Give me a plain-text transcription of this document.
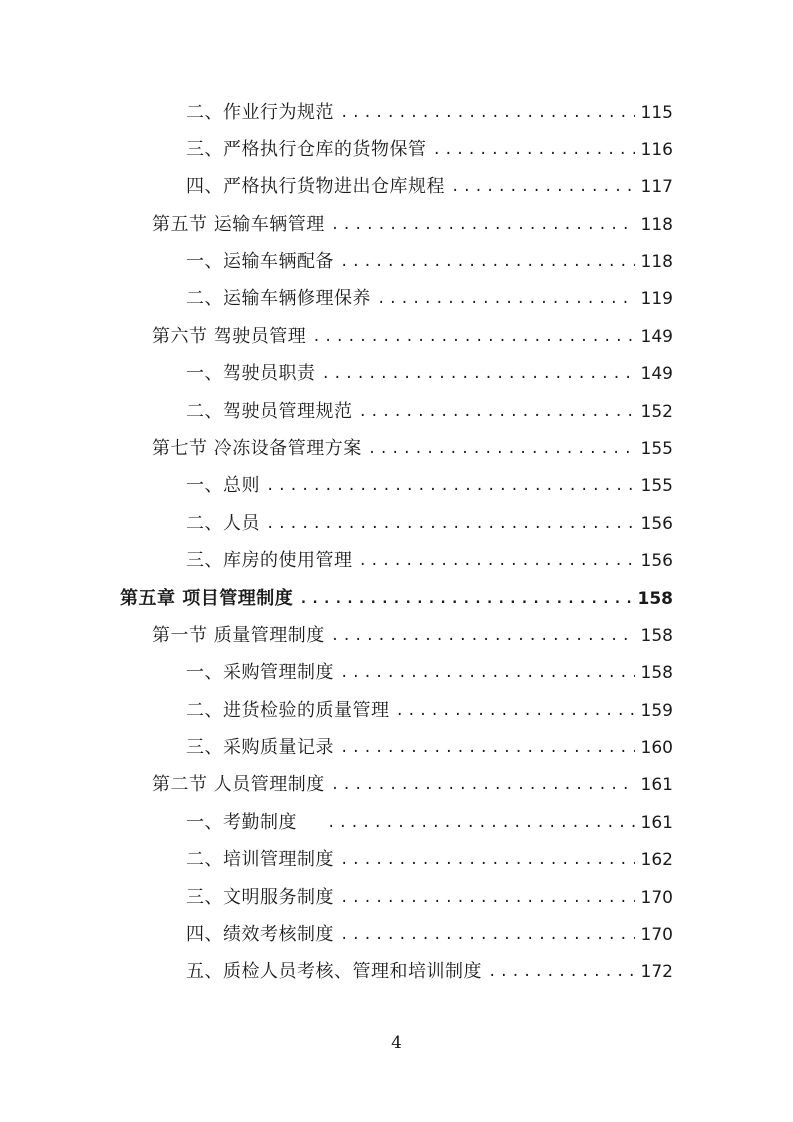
二、作业行为规范 .....	115
三、严格执行仓库的货物保管 .....	116
四、严格执行货物进出仓库规程 .....	117
第五节 运输车辆管理 .....	118
一、运输车辆配备 .....	118
二、运输车辆修理保养 .....	119
第六节 驾驶员管理 .....	149
一、驾驶员职责 .....	149
二、驾驶员管理规范 .....	152
第七节 冷冻设备管理方案 .....	155
一、总则 .....	155
二、人员 .....	156
三、库房的使用管理 .....	156
第五章 项目管理制度 .....	158
第一节 质量管理制度 .....	158
一、采购管理制度 .....	158
二、进货检验的质量管理 .....	159
三、采购质量记录 .....	160
第二节 人员管理制度 .....	161
一、考勤制度 .....	161
二、培训管理制度 .....	162
三、文明服务制度 .....	170
四、绩效考核制度 .....	170
五、质检人员考核、管理和培训制度 .....	172
4
